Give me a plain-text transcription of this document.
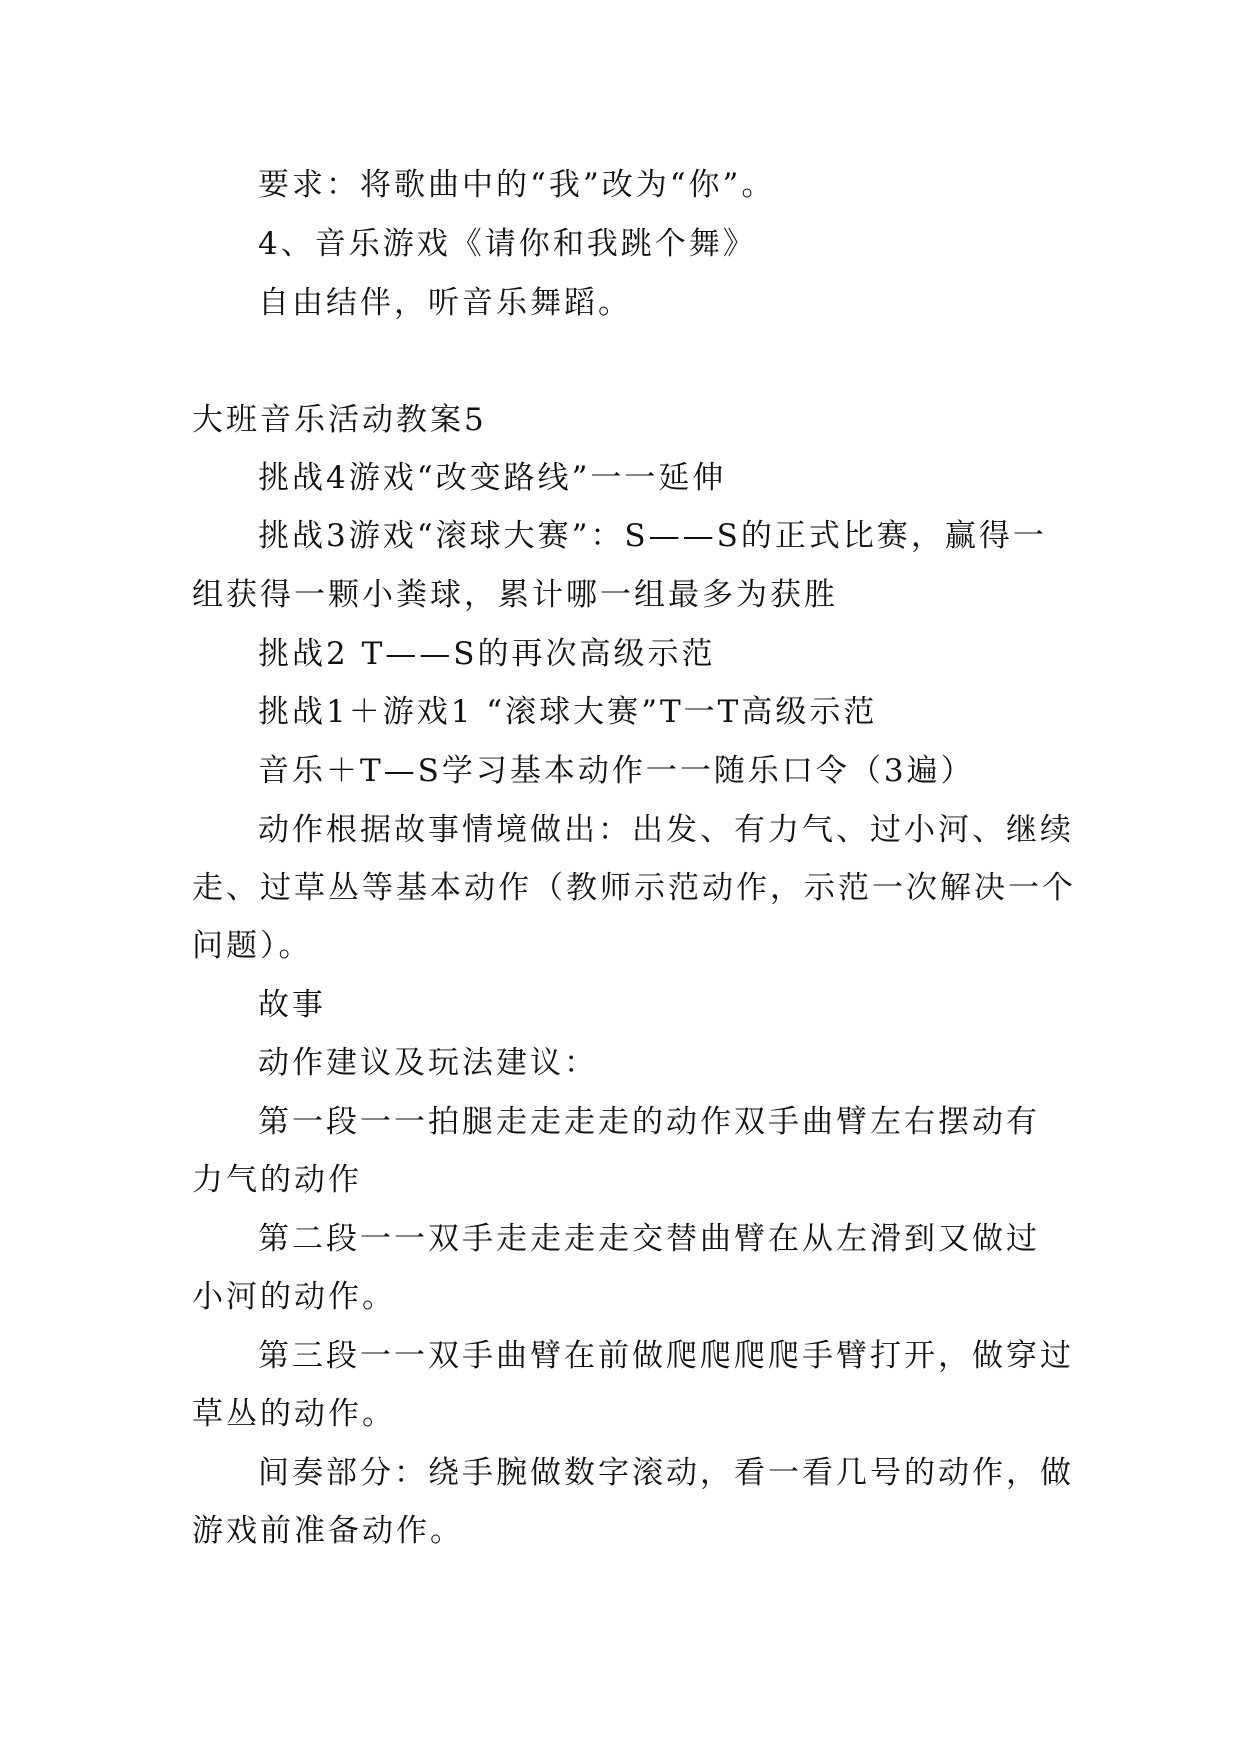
要求：将歌曲中的“我”改为“你”。
4、音乐游戏《请你和我跳个舞》
自由结伴，听音乐舞蹈。
大班音乐活动教案5
挑战4游戏“改变路线”一一延伸
挑战3游戏“滚球大赛”：S——S的正式比赛，赢得一
组获得一颗小粪球，累计哪一组最多为获胜
挑战2 T——S的再次高级示范
挑战1＋游戏1 “滚球大赛”T一T高级示范
音乐＋T—S学习基本动作一一随乐口令（3遍）
动作根据故事情境做出：出发、有力气、过小河、继续
走、过草丛等基本动作（教师示范动作，示范一次解决一个
问题）。
故事
动作建议及玩法建议：
第一段一一拍腿走走走走的动作双手曲臂左右摆动有
力气的动作
第二段一一双手走走走走交替曲臂在从左滑到又做过
小河的动作。
第三段一一双手曲臂在前做爬爬爬爬手臂打开，做穿过
草丛的动作。
间奏部分：绕手腕做数字滚动，看一看几号的动作，做
游戏前准备动作。
